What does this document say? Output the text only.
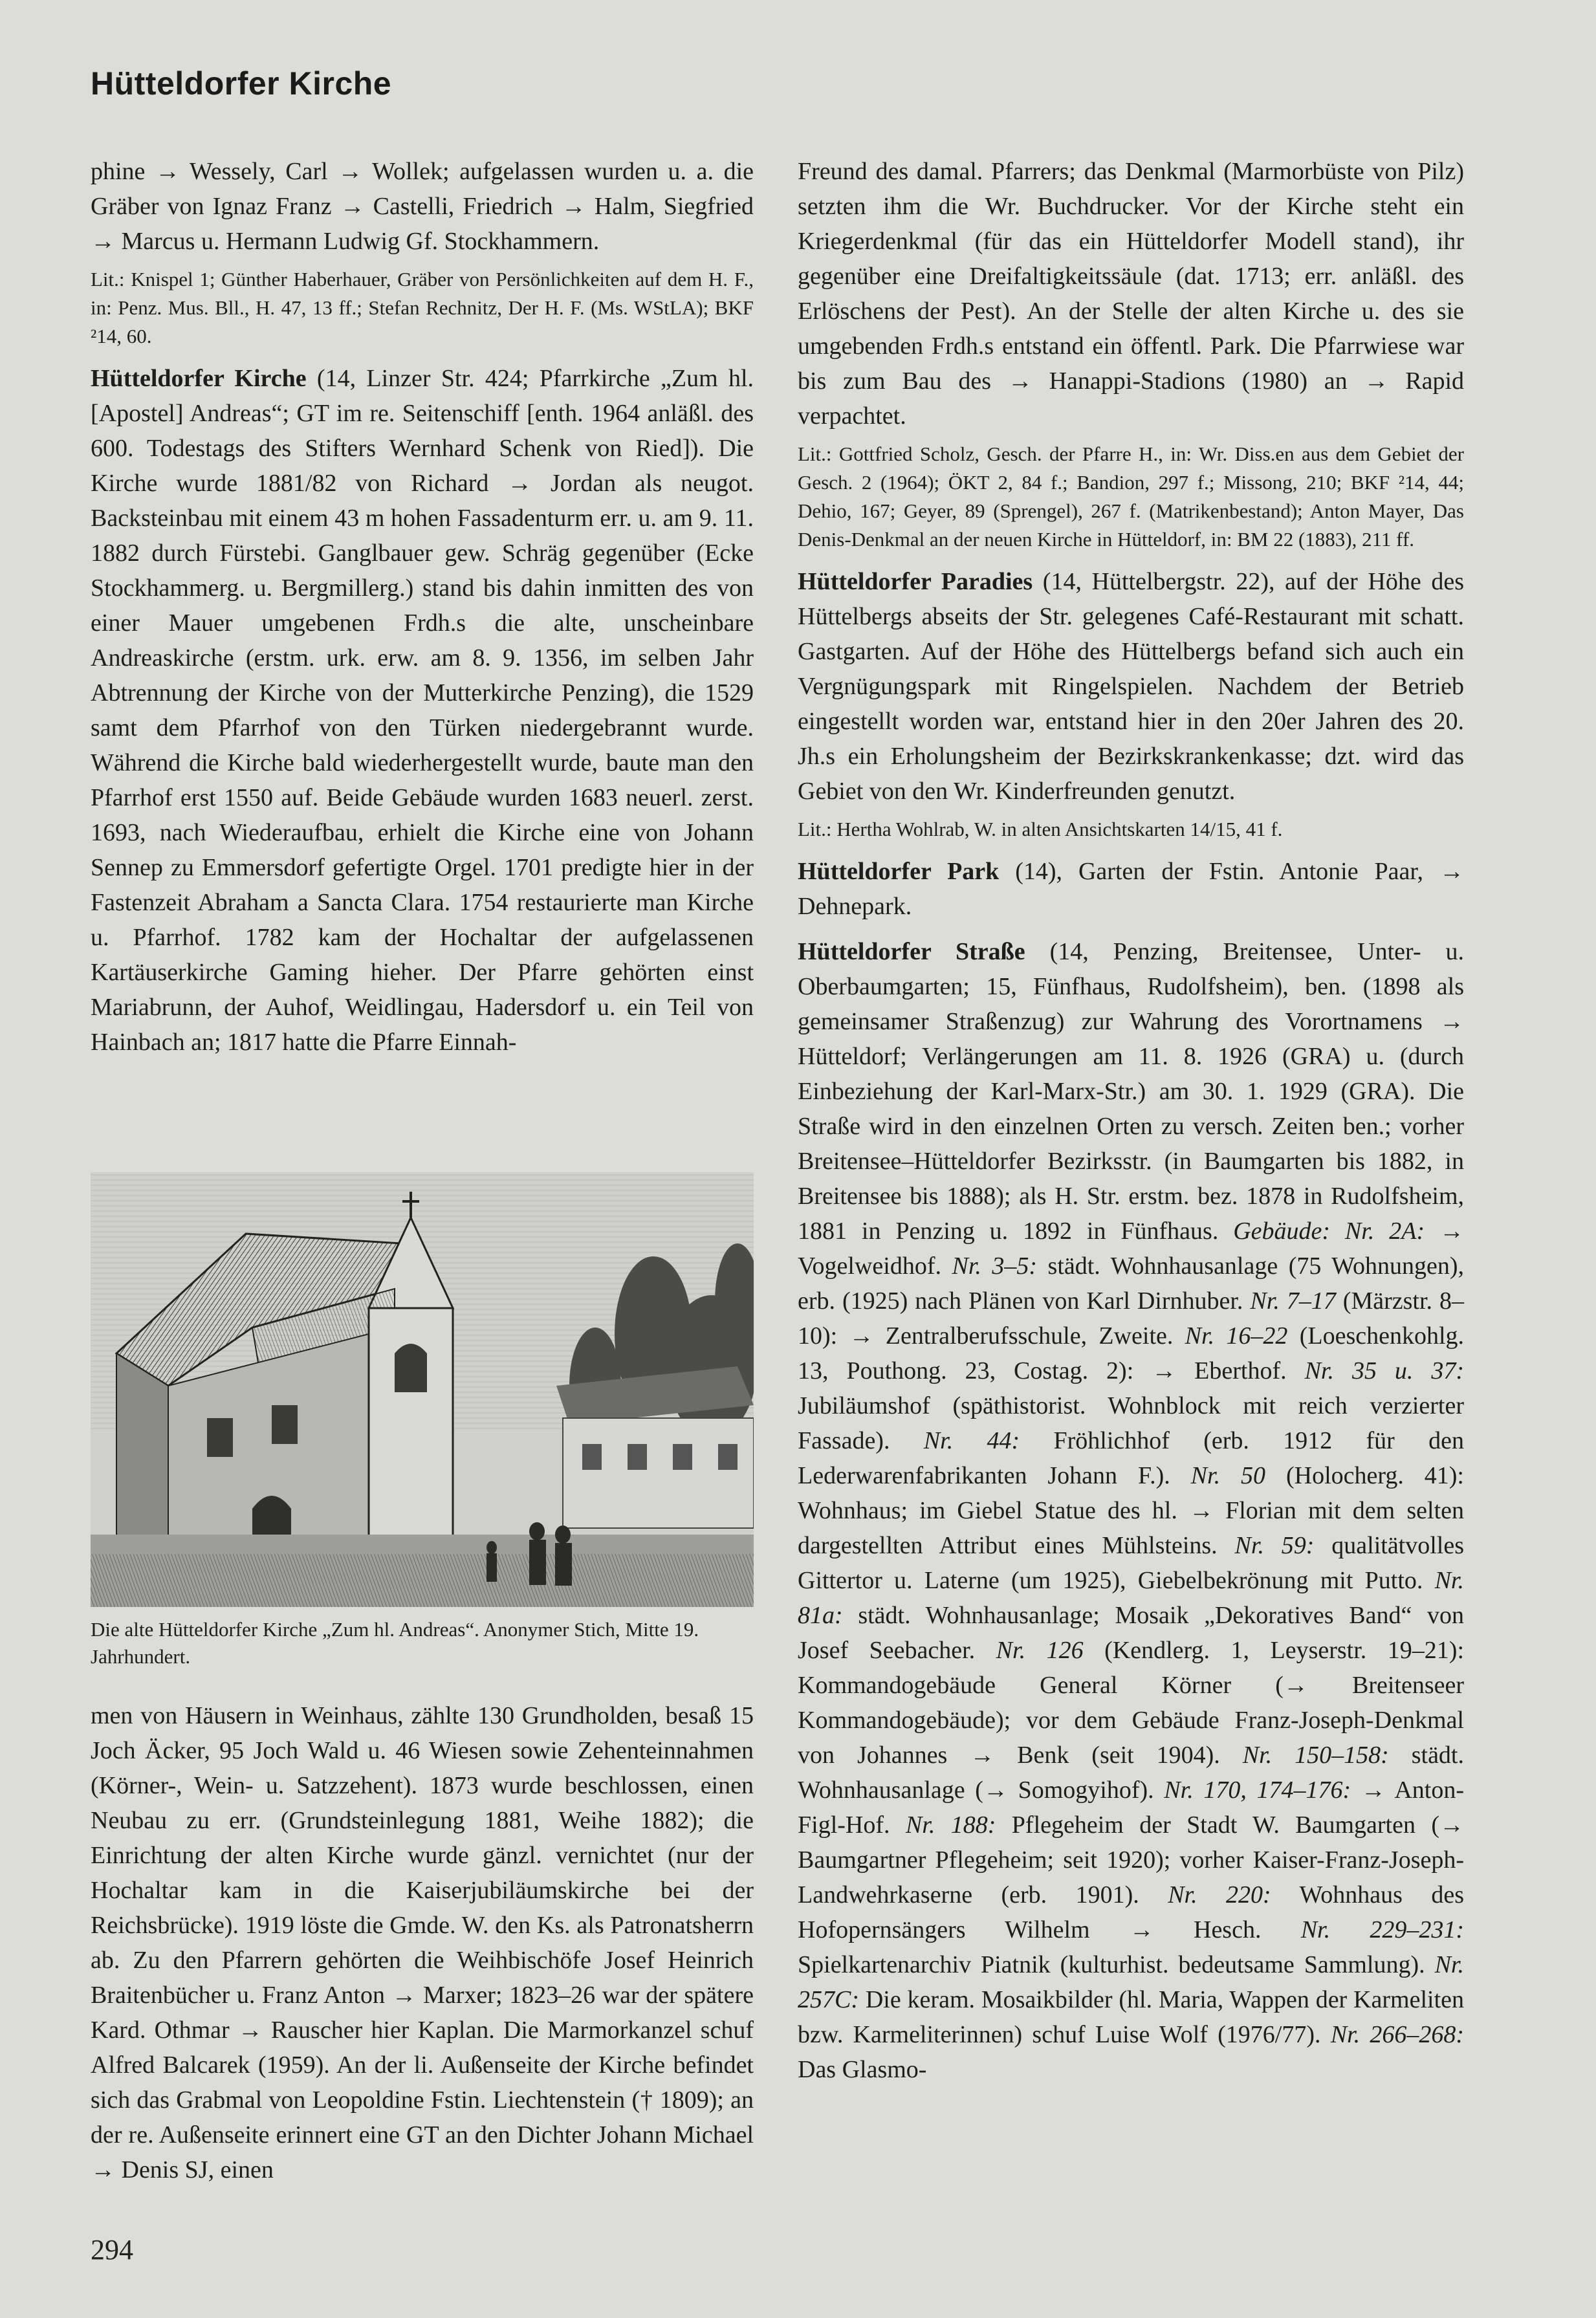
Hütteldorfer Kirche

phine → Wessely, Carl → Wollek; aufgelassen wurden u. a. die Gräber von Ignaz Franz → Castelli, Friedrich → Halm, Siegfried → Marcus u. Hermann Ludwig Gf. Stockhammern.

Lit.: Knispel 1; Günther Haberhauer, Gräber von Persönlichkeiten auf dem H. F., in: Penz. Mus. Bll., H. 47, 13 ff.; Stefan Rechnitz, Der H. F. (Ms. WStLA); BKF ²14, 60.

Hütteldorfer Kirche (14, Linzer Str. 424; Pfarrkirche „Zum hl. [Apostel] Andreas“; GT im re. Seitenschiff [enth. 1964 anläßl. des 600. Todestags des Stifters Wernhard Schenk von Ried]). Die Kirche wurde 1881/82 von Richard → Jordan als neugot. Backsteinbau mit einem 43 m hohen Fassadenturm err. u. am 9. 11. 1882 durch Fürstebi. Ganglbauer gew. Schräg gegenüber (Ecke Stockhammerg. u. Bergmillerg.) stand bis dahin inmitten des von einer Mauer umgebenen Frdh.s die alte, unscheinbare Andreaskirche (erstm. urk. erw. am 8. 9. 1356, im selben Jahr Abtrennung der Kirche von der Mutterkirche Penzing), die 1529 samt dem Pfarrhof von den Türken niedergebrannt wurde. Während die Kirche bald wiederhergestellt wurde, baute man den Pfarrhof erst 1550 auf. Beide Gebäude wurden 1683 neuerl. zerst. 1693, nach Wiederaufbau, erhielt die Kirche eine von Johann Sennep zu Emmersdorf gefertigte Orgel. 1701 predigte hier in der Fastenzeit Abraham a Sancta Clara. 1754 restaurierte man Kirche u. Pfarrhof. 1782 kam der Hochaltar der aufgelassenen Kartäuserkirche Gaming hieher. Der Pfarre gehörten einst Mariabrunn, der Auhof, Weidlingau, Hadersdorf u. ein Teil von Hainbach an; 1817 hatte die Pfarre Einnah-

Die alte Hütteldorfer Kirche „Zum hl. Andreas“. Anonymer Stich, Mitte 19. Jahrhundert.

men von Häusern in Weinhaus, zählte 130 Grundholden, besaß 15 Joch Äcker, 95 Joch Wald u. 46 Wiesen sowie Zehenteinnahmen (Körner-, Wein- u. Satzzehent). 1873 wurde beschlossen, einen Neubau zu err. (Grundsteinlegung 1881, Weihe 1882); die Einrichtung der alten Kirche wurde gänzl. vernichtet (nur der Hochaltar kam in die Kaiserjubiläumskirche bei der Reichsbrücke). 1919 löste die Gmde. W. den Ks. als Patronatsherrn ab. Zu den Pfarrern gehörten die Weihbischöfe Josef Heinrich Braitenbücher u. Franz Anton → Marxer; 1823–26 war der spätere Kard. Othmar → Rauscher hier Kaplan. Die Marmorkanzel schuf Alfred Balcarek (1959). An der li. Außenseite der Kirche befindet sich das Grabmal von Leopoldine Fstin. Liechtenstein († 1809); an der re. Außenseite erinnert eine GT an den Dichter Johann Michael → Denis SJ, einen

Freund des damal. Pfarrers; das Denkmal (Marmorbüste von Pilz) setzten ihm die Wr. Buchdrucker. Vor der Kirche steht ein Kriegerdenkmal (für das ein Hütteldorfer Modell stand), ihr gegenüber eine Dreifaltigkeitssäule (dat. 1713; err. anläßl. des Erlöschens der Pest). An der Stelle der alten Kirche u. des sie umgebenden Frdh.s entstand ein öffentl. Park. Die Pfarrwiese war bis zum Bau des → Hanappi-Stadions (1980) an → Rapid verpachtet.

Lit.: Gottfried Scholz, Gesch. der Pfarre H., in: Wr. Diss.en aus dem Gebiet der Gesch. 2 (1964); ÖKT 2, 84 f.; Bandion, 297 f.; Missong, 210; BKF ²14, 44; Dehio, 167; Geyer, 89 (Sprengel), 267 f. (Matrikenbestand); Anton Mayer, Das Denis-Denkmal an der neuen Kirche in Hütteldorf, in: BM 22 (1883), 211 ff.

Hütteldorfer Paradies (14, Hüttelbergstr. 22), auf der Höhe des Hüttelbergs abseits der Str. gelegenes Café-Restaurant mit schatt. Gastgarten. Auf der Höhe des Hüttelbergs befand sich auch ein Vergnügungspark mit Ringelspielen. Nachdem der Betrieb eingestellt worden war, entstand hier in den 20er Jahren des 20. Jh.s ein Erholungsheim der Bezirkskrankenkasse; dzt. wird das Gebiet von den Wr. Kinderfreunden genutzt.

Lit.: Hertha Wohlrab, W. in alten Ansichtskarten 14/15, 41 f.

Hütteldorfer Park (14), Garten der Fstin. Antonie Paar, → Dehnepark.

Hütteldorfer Straße (14, Penzing, Breitensee, Unter- u. Oberbaumgarten; 15, Fünfhaus, Rudolfsheim), ben. (1898 als gemeinsamer Straßenzug) zur Wahrung des Vorortnamens → Hütteldorf; Verlängerungen am 11. 8. 1926 (GRA) u. (durch Einbeziehung der Karl-Marx-Str.) am 30. 1. 1929 (GRA). Die Straße wird in den einzelnen Orten zu versch. Zeiten ben.; vorher Breitensee–Hütteldorfer Bezirksstr. (in Baumgarten bis 1882, in Breitensee bis 1888); als H. Str. erstm. bez. 1878 in Rudolfsheim, 1881 in Penzing u. 1892 in Fünfhaus. Gebäude: Nr. 2A: → Vogelweidhof. Nr. 3–5: städt. Wohnhausanlage (75 Wohnungen), erb. (1925) nach Plänen von Karl Dirnhuber. Nr. 7–17 (Märzstr. 8–10): → Zentralberufsschule, Zweite. Nr. 16–22 (Loeschenkohlg. 13, Pouthong. 23, Costag. 2): → Eberthof. Nr. 35 u. 37: Jubiläumshof (späthistorist. Wohnblock mit reich verzierter Fassade). Nr. 44: Fröhlichhof (erb. 1912 für den Lederwarenfabrikanten Johann F.). Nr. 50 (Holocherg. 41): Wohnhaus; im Giebel Statue des hl. → Florian mit dem selten dargestellten Attribut eines Mühlsteins. Nr. 59: qualitätvolles Gittertor u. Laterne (um 1925), Giebelbekrönung mit Putto. Nr. 81a: städt. Wohnhausanlage; Mosaik „Dekoratives Band“ von Josef Seebacher. Nr. 126 (Kendlerg. 1, Leyserstr. 19–21): Kommandogebäude General Körner (→ Breitenseer Kommandogebäude); vor dem Gebäude Franz-Joseph-Denkmal von Johannes → Benk (seit 1904). Nr. 150–158: städt. Wohnhausanlage (→ Somogyihof). Nr. 170, 174–176: → Anton-Figl-Hof. Nr. 188: Pflegeheim der Stadt W. Baumgarten (→ Baumgartner Pflegeheim; seit 1920); vorher Kaiser-Franz-Joseph-Landwehrkaserne (erb. 1901). Nr. 220: Wohnhaus des Hofopernsängers Wilhelm → Hesch. Nr. 229–231: Spielkartenarchiv Piatnik (kulturhist. bedeutsame Sammlung). Nr. 257C: Die keram. Mosaikbilder (hl. Maria, Wappen der Karmeliten bzw. Karmeliterinnen) schuf Luise Wolf (1976/77). Nr. 266–268: Das Glasmo-

294
